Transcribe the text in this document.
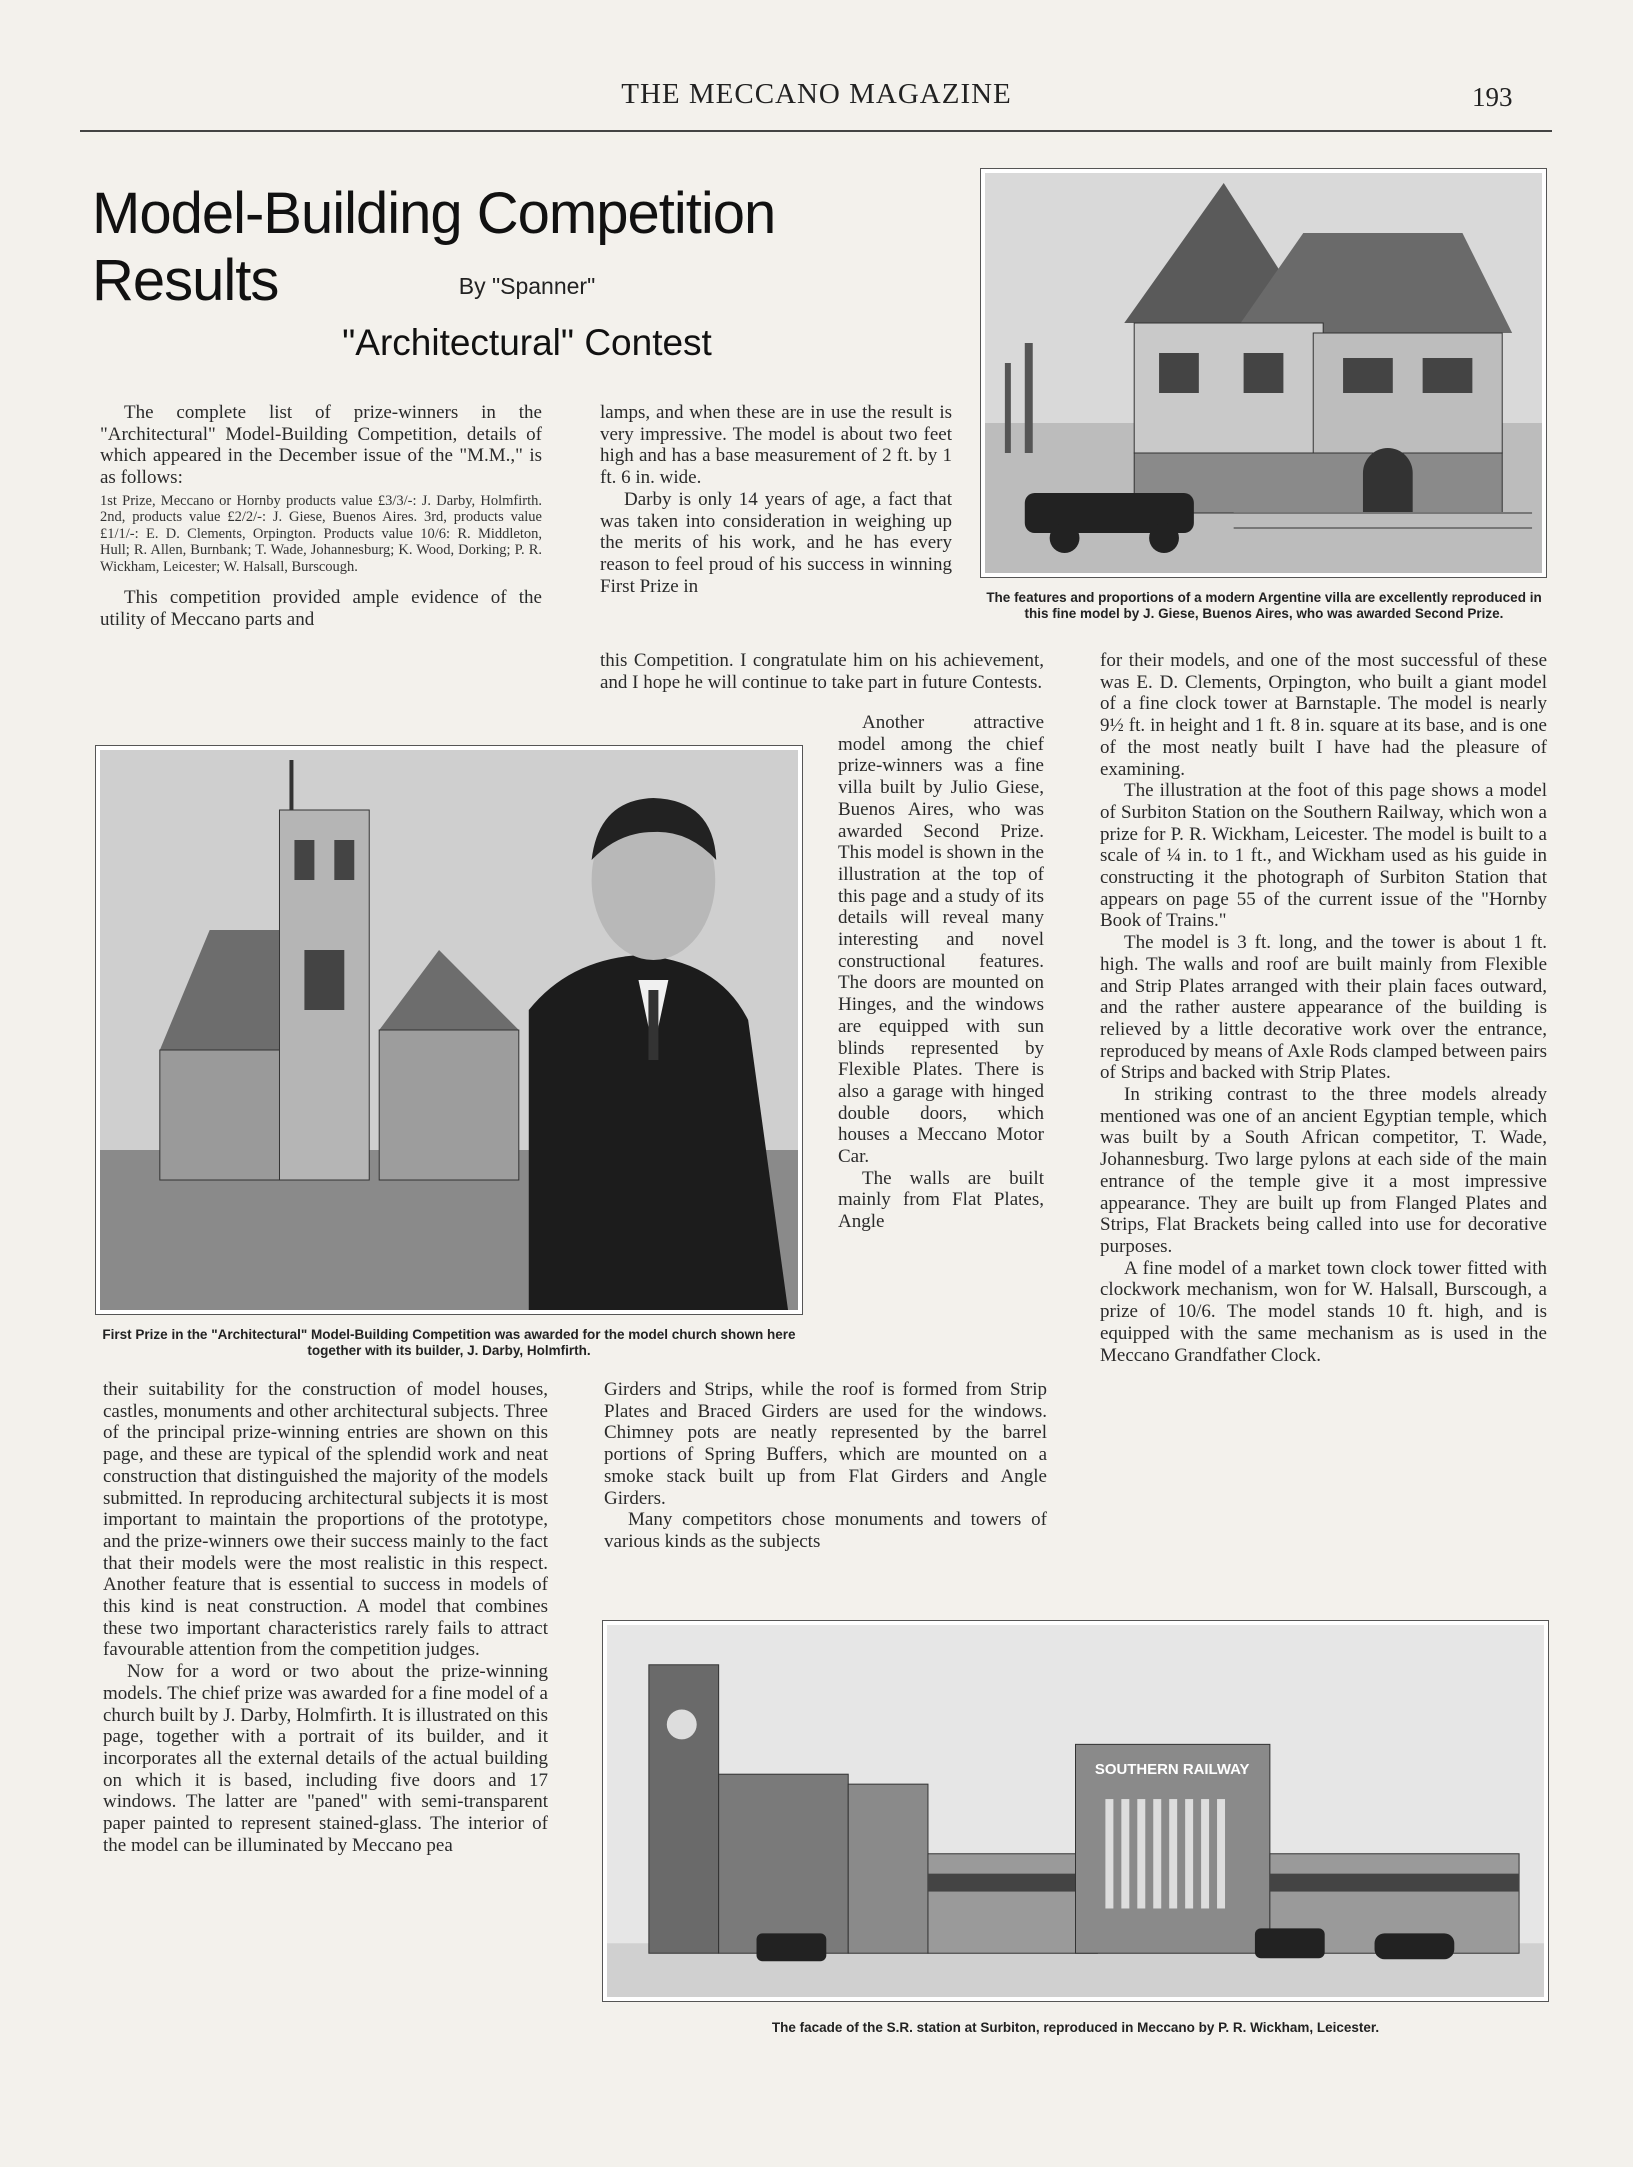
THE MECCANO MAGAZINE	193
Model-Building Competition Results	By "Spanner"
"Architectural" Contest
The features and proportions of a modern Argentine villa are excellently reproduced in this fine model by J. Giese, Buenos Aires, who was awarded Second Prize.

The complete list of prize-winners in the "Architectural" Model-Building Competition, details of which appeared in the December issue of the "M.M.," is as follows:

1st Prize, Meccano or Hornby products value £3/3/-: J. Darby, Holmfirth. 2nd, products value £2/2/-: J. Giese, Buenos Aires. 3rd, products value £1/1/-: E. D. Clements, Orpington. Products value 10/6: R. Middleton, Hull; R. Allen, Burnbank; T. Wade, Johannesburg; K. Wood, Dorking; P. R. Wickham, Leicester; W. Halsall, Burscough.

This competition provided ample evidence of the utility of Meccano parts and

lamps, and when these are in use the result is very impressive. The model is about two feet high and has a base measurement of 2 ft. by 1 ft. 6 in. wide.

Darby is only 14 years of age, a fact that was taken into consideration in weighing up the merits of his work, and he has every reason to feel proud of his success in winning First Prize in

this Competition. I congratulate him on his achievement, and I hope he will continue to take part in future Contests.
First Prize in the "Architectural" Model-Building Competition was awarded for the model church shown here together with its builder, J. Darby, Holmfirth.

Another attractive model among the chief prize-winners was a fine villa built by Julio Giese, Buenos Aires, who was awarded Second Prize. This model is shown in the illustration at the top of this page and a study of its details will reveal many interesting and novel constructional features. The doors are mounted on Hinges, and the windows are equipped with sun blinds represented by Flexible Plates. There is also a garage with hinged double doors, which houses a Meccano Motor Car.

The walls are built mainly from Flat Plates, Angle

their suitability for the construction of model houses, castles, monuments and other architectural subjects. Three of the principal prize-winning entries are shown on this page, and these are typical of the splendid work and neat construction that distinguished the majority of the models submitted. In reproducing architectural subjects it is most important to maintain the proportions of the prototype, and the prize-winners owe their success mainly to the fact that their models were the most realistic in this respect. Another feature that is essential to success in models of this kind is neat construction. A model that combines these two important characteristics rarely fails to attract favourable attention from the competition judges.

Now for a word or two about the prize-winning models. The chief prize was awarded for a fine model of a church built by J. Darby, Holmfirth. It is illustrated on this page, together with a portrait of its builder, and it incorporates all the external details of the actual building on which it is based, including five doors and 17 windows. The latter are "paned" with semi-transparent paper painted to represent stained-glass. The interior of the model can be illuminated by Meccano pea

Girders and Strips, while the roof is formed from Strip Plates and Braced Girders are used for the windows. Chimney pots are neatly represented by the barrel portions of Spring Buffers, which are mounted on a smoke stack built up from Flat Girders and Angle Girders.

Many competitors chose monuments and towers of various kinds as the subjects

for their models, and one of the most successful of these was E. D. Clements, Orpington, who built a giant model of a fine clock tower at Barnstaple. The model is nearly 9½ ft. in height and 1 ft. 8 in. square at its base, and is one of the most neatly built I have had the pleasure of examining.

The illustration at the foot of this page shows a model of Surbiton Station on the Southern Railway, which won a prize for P. R. Wickham, Leicester. The model is built to a scale of ¼ in. to 1 ft., and Wickham used as his guide in constructing it the photograph of Surbiton Station that appears on page 55 of the current issue of the "Hornby Book of Trains."

The model is 3 ft. long, and the tower is about 1 ft. high. The walls and roof are built mainly from Flexible and Strip Plates arranged with their plain faces outward, and the rather austere appearance of the building is relieved by a little decorative work over the entrance, reproduced by means of Axle Rods clamped between pairs of Strips and backed with Strip Plates.

In striking contrast to the three models already mentioned was one of an ancient Egyptian temple, which was built by a South African competitor, T. Wade, Johannesburg. Two large pylons at each side of the main entrance of the temple give it a most impressive appearance. They are built up from Flanged Plates and Strips, Flat Brackets being called into use for decorative purposes.

A fine model of a market town clock tower fitted with clockwork mechanism, won for W. Halsall, Burscough, a prize of 10/6. The model stands 10 ft. high, and is equipped with the same mechanism as is used in the Meccano Grandfather Clock.

SOUTHERN RAILWAY
The facade of the S.R. station at Surbiton, reproduced in Meccano by P. R. Wickham, Leicester.
